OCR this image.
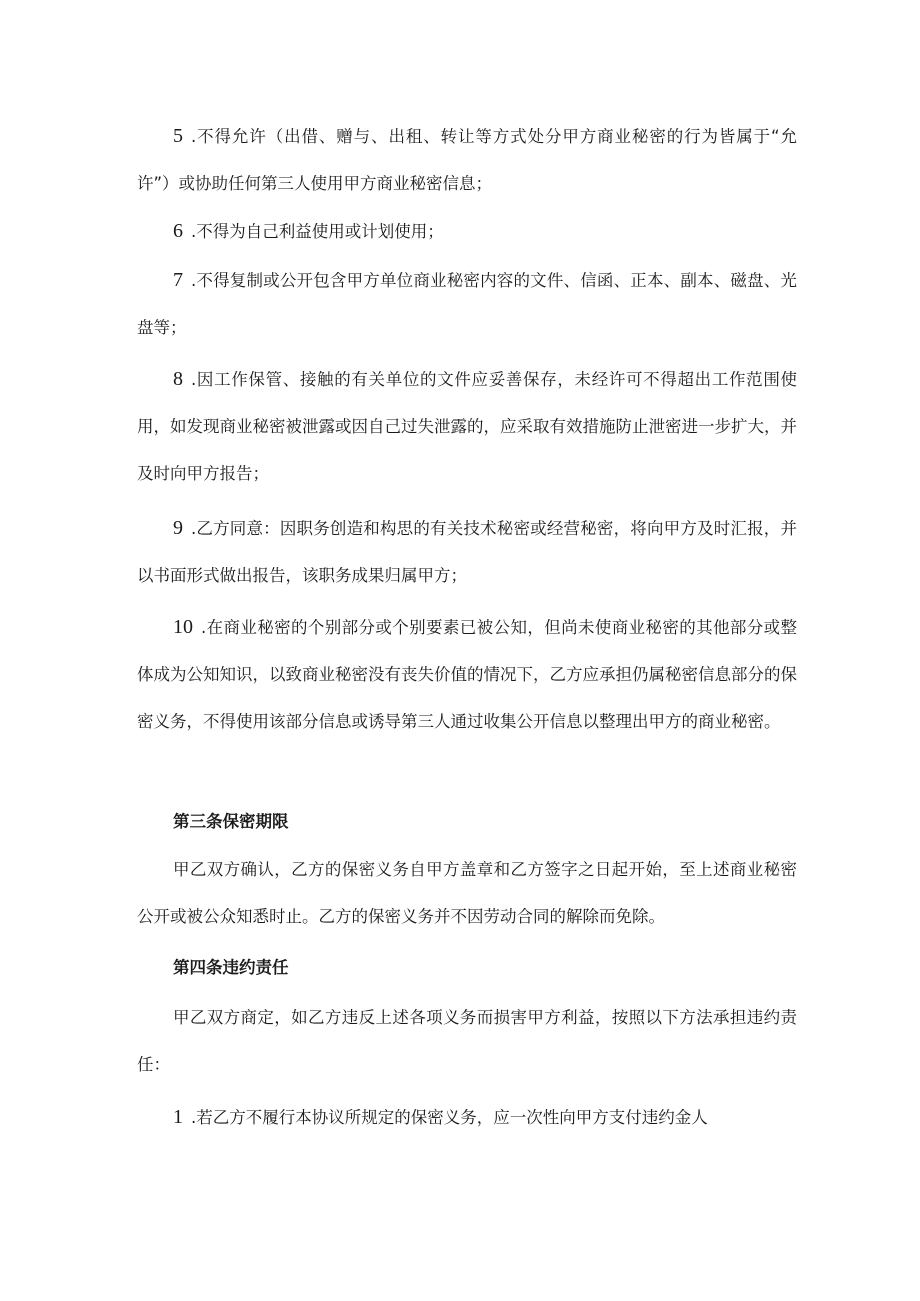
5 .不得允许（出借、赠与、出租、转让等方式处分甲方商业秘密的行为皆属于“允许”）或协助任何第三人使用甲方商业秘密信息；

6 .不得为自己利益使用或计划使用；

7 .不得复制或公开包含甲方单位商业秘密内容的文件、信函、正本、副本、磁盘、光盘等；

8 .因工作保管、接触的有关单位的文件应妥善保存，未经许可不得超出工作范围使用，如发现商业秘密被泄露或因自己过失泄露的，应采取有效措施防止泄密进一步扩大，并及时向甲方报告；

9 .乙方同意：因职务创造和构思的有关技术秘密或经营秘密，将向甲方及时汇报，并以书面形式做出报告，该职务成果归属甲方；

10 .在商业秘密的个别部分或个别要素已被公知，但尚未使商业秘密的其他部分或整体成为公知知识，以致商业秘密没有丧失价值的情况下，乙方应承担仍属秘密信息部分的保密义务，不得使用该部分信息或诱导第三人通过收集公开信息以整理出甲方的商业秘密。

第三条保密期限

甲乙双方确认，乙方的保密义务自甲方盖章和乙方签字之日起开始，至上述商业秘密公开或被公众知悉时止。乙方的保密义务并不因劳动合同的解除而免除。

第四条违约责任

甲乙双方商定，如乙方违反上述各项义务而损害甲方利益，按照以下方法承担违约责任：

1 .若乙方不履行本协议所规定的保密义务，应一次性向甲方支付违约金人
